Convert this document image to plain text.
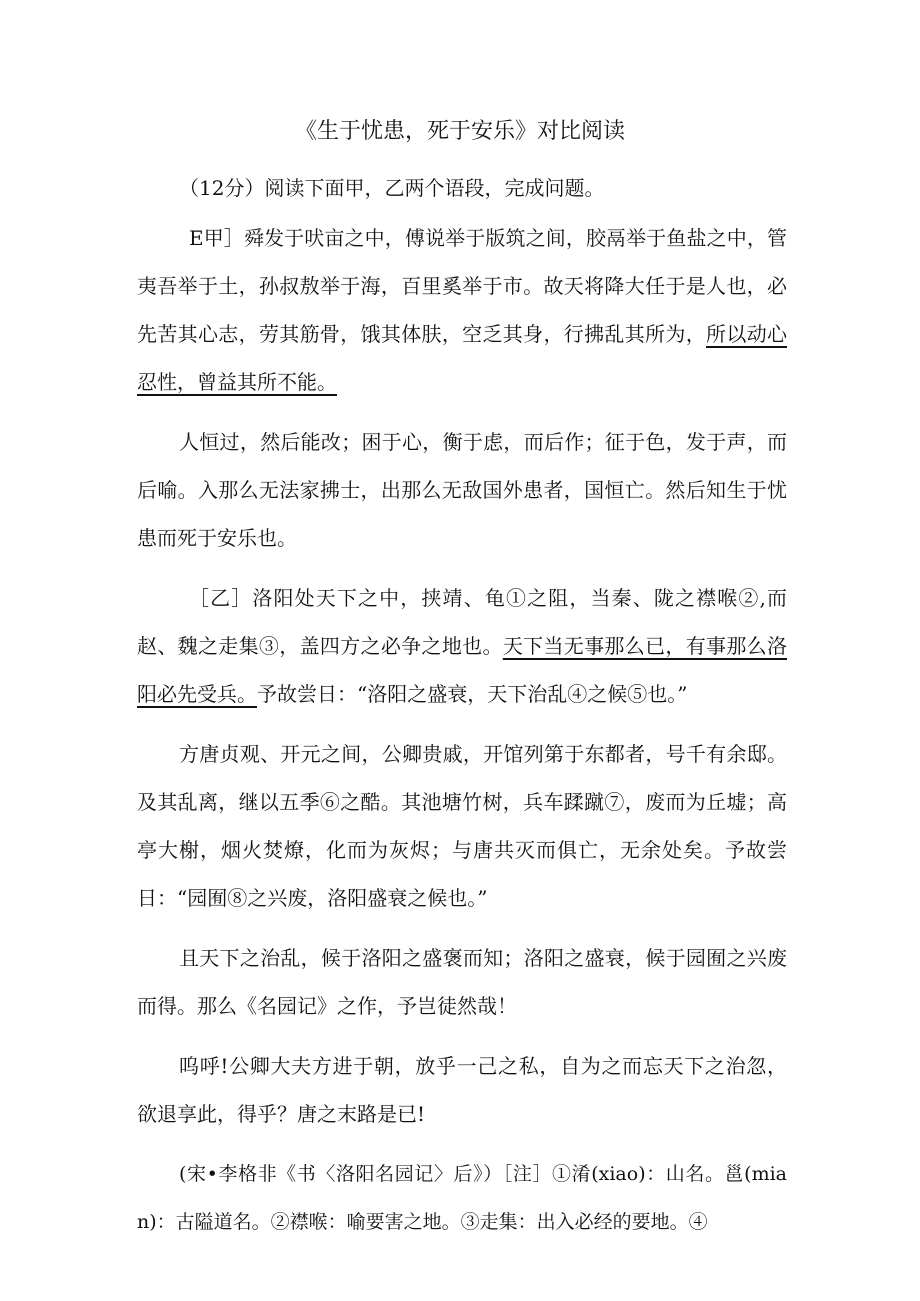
《生于忧患，死于安乐》对比阅读

（12分）阅读下面甲，乙两个语段，完成问题。

E甲］舜发于吠亩之中，傅说举于版筑之间，胶鬲举于鱼盐之中，管夷吾举于土，孙叔敖举于海，百里奚举于市。故天将降大任于是人也，必先苦其心志，劳其筋骨，饿其体肤，空乏其身，行拂乱其所为，所以动心忍性，曾益其所不能。

人恒过，然后能改；困于心，衡于虑，而后作；征于色，发于声，而后喻。入那么无法家拂士，出那么无敌国外患者，国恒亡。然后知生于忧患而死于安乐也。

［乙］洛阳处天下之中，挟靖、龟①之阻，当秦、陇之襟喉②,而赵、魏之走集③，盖四方之必争之地也。天下当无事那么已，有事那么洛阳必先受兵。予故尝日：“洛阳之盛衰，天下治乱④之候⑤也。”

方唐贞观、开元之间，公卿贵戚，开馆列第于东都者，号千有余邸。及其乱离，继以五季⑥之酷。其池塘竹树，兵车蹂蹴⑦，废而为丘墟；高亭大榭，烟火焚燎，化而为灰烬；与唐共灭而俱亡，无余处矣。予故尝日：“园囿⑧之兴废，洛阳盛衰之候也。”

且天下之治乱，候于洛阳之盛褒而知；洛阳之盛衰，候于园囿之兴废而得。那么《名园记》之作，予岂徒然哉！

呜呼!公卿大夫方进于朝，放乎一己之私，自为之而忘天下之治忽，欲退享此，得乎？唐之末路是已!

(宋•李格非《书〈洛阳名园记〉后》）［注］①淆(xiao)：山名。邕(mian)：古隘道名。②襟喉：喻要害之地。③走集：出入必经的要地。④
